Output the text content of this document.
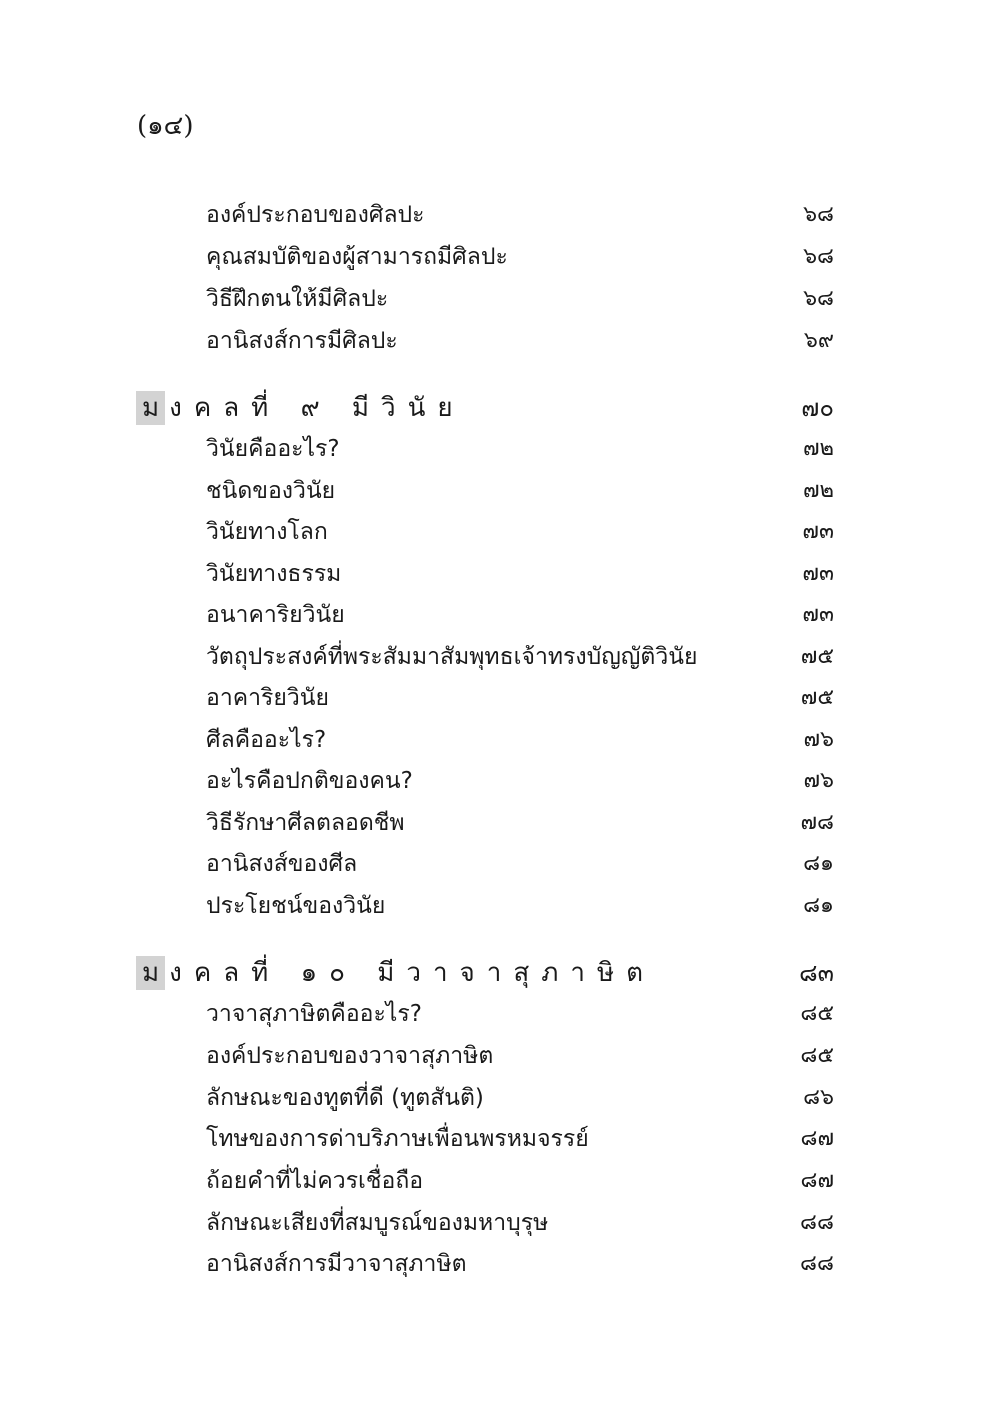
(๑๔)
องค์ประกอบของศิลปะ	๖๘
คุณสมบัติของผู้สามารถมีศิลปะ	๖๘
วิธีฝึกตนให้มีศิลปะ	๖๘
อานิสงส์การมีศิลปะ	๖๙
ม งคลที่ ๙ มีวินัย	๗๐
วินัยคืออะไร?	๗๒
ชนิดของวินัย	๗๒
วินัยทางโลก	๗๓
วินัยทางธรรม	๗๓
อนาคาริยวินัย	๗๓
วัตถุประสงค์ที่พระสัมมาสัมพุทธเจ้าทรงบัญญัติวินัย	๗๕
อาคาริยวินัย	๗๕
ศีลคืออะไร?	๗๖
อะไรคือปกติของคน?	๗๖
วิธีรักษาศีลตลอดชีพ	๗๘
อานิสงส์ของศีล	๘๑
ประโยชน์ของวินัย	๘๑
ม งคลที่ ๑๐ มีวาจาสุภาษิต	๘๓
วาจาสุภาษิตคืออะไร?	๘๕
องค์ประกอบของวาจาสุภาษิต	๘๕
ลักษณะของทูตที่ดี (ทูตสันติ)	๘๖
โทษของการด่าบริภาษเพื่อนพรหมจรรย์	๘๗
ถ้อยคำที่ไม่ควรเชื่อถือ	๘๗
ลักษณะเสียงที่สมบูรณ์ของมหาบุรุษ	๘๘
อานิสงส์การมีวาจาสุภาษิต	๘๘
